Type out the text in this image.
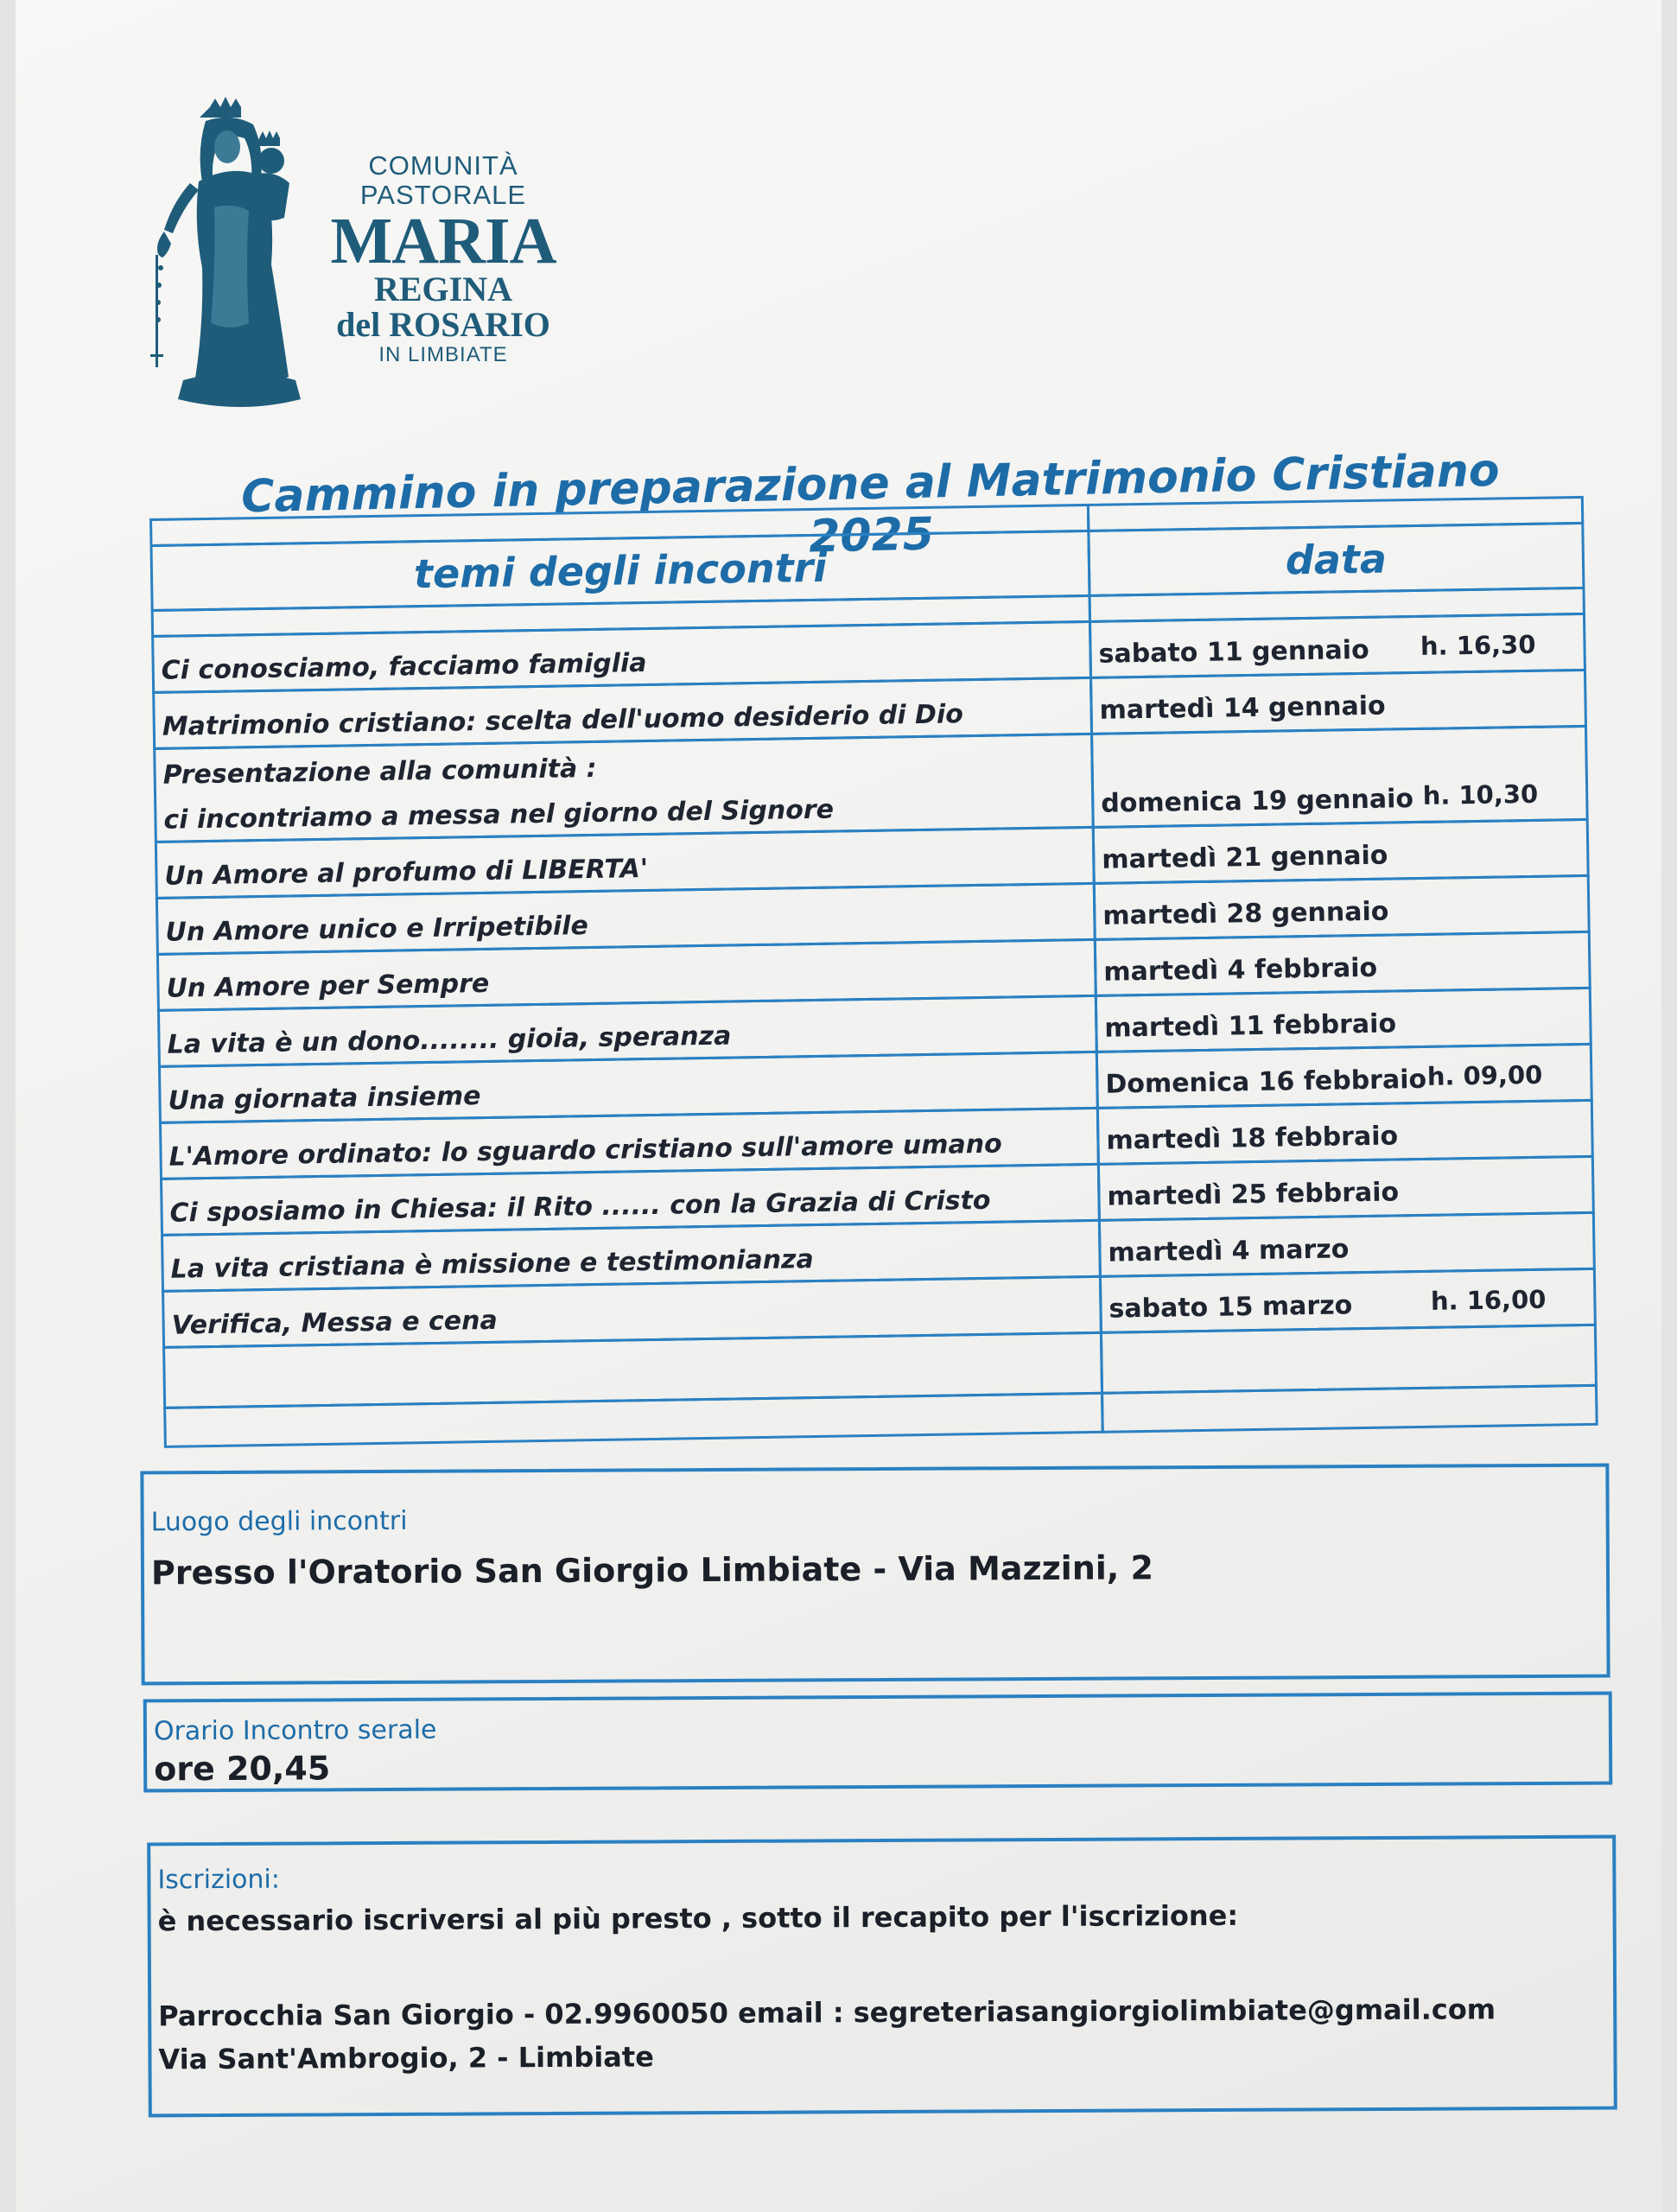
COMUNITÀ
PASTORALE
MARIA
REGINA
del ROSARIO
IN LIMBIATE
Cammino in preparazione al Matrimonio Cristiano 2025
temi degli incontri	data
Ci conosciamo, facciamo famiglia	sabato 11 gennaio h. 16,30
Matrimonio cristiano: scelta dell'uomo desiderio di Dio	martedì 14 gennaio
Presentazione alla comunità :
ci incontriamo a messa nel giorno del Signore	domenica 19 gennaio h. 10,30
Un Amore al profumo di LIBERTA'	martedì 21 gennaio
Un Amore unico e Irripetibile	martedì 28 gennaio
Un Amore per Sempre	martedì 4 febbraio
La vita è un dono........ gioia, speranza	martedì 11 febbraio
Una giornata insieme	Domenica 16 febbraio h. 09,00
L'Amore ordinato: lo sguardo cristiano sull'amore umano	martedì 18 febbraio
Ci sposiamo in Chiesa: il Rito ...... con la Grazia di Cristo	martedì 25 febbraio
La vita cristiana è missione e testimonianza	martedì 4 marzo
Verifica, Messa e cena	sabato 15 marzo	h. 16,00
Luogo degli incontri
Presso l'Oratorio San Giorgio Limbiate - Via Mazzini, 2
Orario Incontro serale
ore 20,45
Iscrizioni:
è necessario iscriversi al più presto , sotto il recapito per l'iscrizione:
Parrocchia San Giorgio - 02.9960050 email : segreteriasangiorgiolimbiate@gmail.com
Via Sant'Ambrogio, 2 - Limbiate
